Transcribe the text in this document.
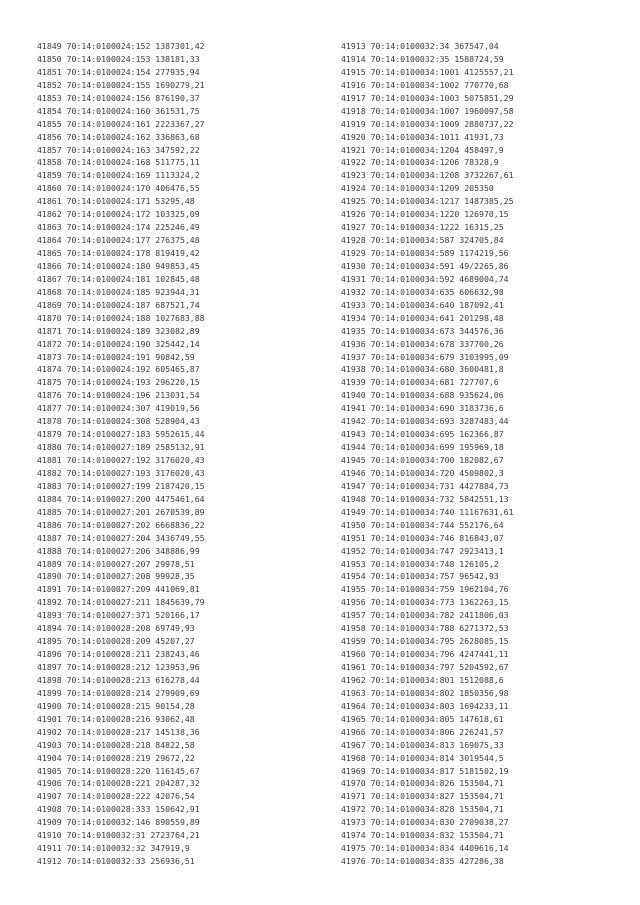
41849 70:14:0100024:152 1387301,42
41850 70:14:0100024:153 138181,33
41851 70:14:0100024:154 277935,94
41852 70:14:0100024:155 1690279,21
41853 70:14:0100024:156 876190,37
41854 70:14:0100024:160 361531,75
41855 70:14:0100024:161 2223367,27
41856 70:14:0100024:162 336863,68
41857 70:14:0100024:163 347592,22
41858 70:14:0100024:168 511775,11
41859 70:14:0100024:169 1113324,2
41860 70:14:0100024:170 406476,55
41861 70:14:0100024:171 53295,48
41862 70:14:0100024:172 103325,09
41863 70:14:0100024:174 225246,49
41864 70:14:0100024:177 276375,48
41865 70:14:0100024:178 819419,42
41866 70:14:0100024:180 949853,45
41867 70:14:0100024:181 102845,48
41868 70:14:0100024:185 923944,31
41869 70:14:0100024:187 687521,74
41870 70:14:0100024:188 1027683,88
41871 70:14:0100024:189 323082,89
41872 70:14:0100024:190 325442,14
41873 70:14:0100024:191 90842,59
41874 70:14:0100024:192 605465,87
41875 70:14:0100024:193 296220,15
41876 70:14:0100024:196 213031,54
41877 70:14:0100024:307 419019,56
41878 70:14:0100024:308 528904,43
41879 70:14:0100027:183 5952615,44
41880 70:14:0100027:189 2585132,91
41881 70:14:0100027:192 3176020,43
41882 70:14:0100027:193 3176020,43
41883 70:14:0100027:199 2187420,15
41884 70:14:0100027:200 4475461,64
41885 70:14:0100027:201 2670539,89
41886 70:14:0100027:202 6668836,22
41887 70:14:0100027:204 3436749,55
41888 70:14:0100027:206 348886,99
41889 70:14:0100027:207 29978,51
41890 70:14:0100027:208 99928,35
41891 70:14:0100027:209 441069,81
41892 70:14:0100027:211 1845639,79
41893 70:14:0100027:371 520166,17
41894 70:14:0100028:208 69749,93
41895 70:14:0100028:209 45207,27
41896 70:14:0100028:211 238243,46
41897 70:14:0100028:212 123953,96
41898 70:14:0100028:213 616278,44
41899 70:14:0100028:214 279909,69
41900 70:14:0100028:215 90154,28
41901 70:14:0100028:216 93062,48
41902 70:14:0100028:217 145138,36
41903 70:14:0100028:218 84822,58
41904 70:14:0100028:219 29672,22
41905 70:14:0100028:220 116145,67
41906 70:14:0100028:221 204287,32
41907 70:14:0100028:222 42076,54
41908 70:14:0100028:333 150642,91
41909 70:14:0100032:146 890559,89
41910 70:14:0100032:31 2723764,21
41911 70:14:0100032:32 347919,9
41912 70:14:0100032:33 256936,51
41913 70:14:0100032:34 367547,04
41914 70:14:0100032:35 1588724,59
41915 70:14:0100034:1001 4125557,21
41916 70:14:0100034:1002 770770,68
41917 70:14:0100034:1003 5075851,29
41918 70:14:0100034:1007 1960097,58
41919 70:14:0100034:1009 2880737,22
41920 70:14:0100034:1011 41931,73
41921 70:14:0100034:1204 458497,9
41922 70:14:0100034:1206 78328,9
41923 70:14:0100034:1208 3732267,61
41924 70:14:0100034:1209 205350
41925 70:14:0100034:1217 1487385,25
41926 70:14:0100034:1220 126970,15
41927 70:14:0100034:1222 16315,25
41928 70:14:0100034:587 324705,84
41929 70:14:0100034:589 1174219,56
41930 70:14:0100034:591 49/2265,86
41931 70:14:0100034:592 4689004,74
41932 70:14:0100034:635 606632,98
41933 70:14:0100034:640 187092,41
41934 70:14:0100034:641 201298,48
41935 70:14:0100034:673 344576,36
41936 70:14:0100034:678 337700,26
41937 70:14:0100034:679 3103995,09
41938 70:14:0100034:680 3600481,8
41939 70:14:0100034:681 727707,6
41940 70:14:0100034:688 935624,06
41941 70:14:0100034:690 3183736,6
41942 70:14:0100034:693 3287483,44
41943 70:14:0100034:695 162366,87
41944 70:14:0100034:699 195969,18
41945 70:14:0100034:700 182082,67
41946 70:14:0100034:720 4509802,3
41947 70:14:0100034:731 4427884,73
41948 70:14:0100034:732 5842551,13
41949 70:14:0100034:740 11167631,61
41950 70:14:0100034:744 552176,64
41951 70:14:0100034:746 816843,07
41952 70:14:0100034:747 2923413,1
41953 70:14:0100034:748 126105,2
41954 70:14:0100034:757 96542,93
41955 70:14:0100034:759 1962104,76
41956 70:14:0100034:773 1362263,15
41957 70:14:0100034:782 2411806,03
41958 70:14:0100034:788 6271372,53
41959 70:14:0100034:795 2628085,15
41960 70:14:0100034:796 4247441,11
41961 70:14:0100034:797 5204592,67
41962 70:14:0100034:801 1512088,6
41963 70:14:0100034:802 1850356,98
41964 70:14:0100034:803 1694233,11
41965 70:14:0100034:805 147618,61
41966 70:14:0100034:806 226241,57
41967 70:14:0100034:813 169075,33
41968 70:14:0100034:814 3019544,5
41969 70:14:0100034:817 5181502,19
41970 70:14:0100034:826 153504,71
41971 70:14:0100034:827 153504,71
41972 70:14:0100034:828 153504,71
41973 70:14:0100034:830 2709038,27
41974 70:14:0100034:832 153504,71
41975 70:14:0100034:834 4409616,14
41976 70:14:0100034:835 427286,38
